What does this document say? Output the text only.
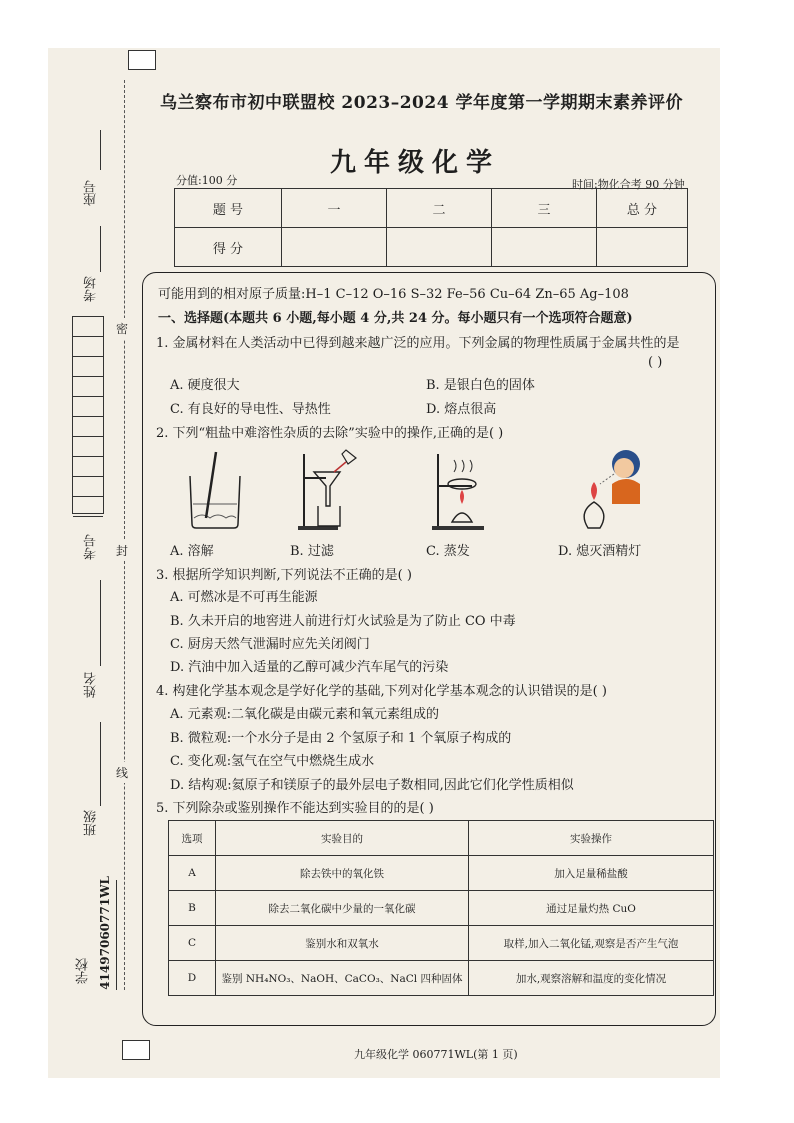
座号
考场
考号
姓名
班级
学校 41497060771WL
密
封
线
乌兰察布市初中联盟校 2023–2024 学年度第一学期期末素养评价
九年级化学
分值:100 分	时间:物化合考 90 分钟
题 号	一	二	三	总 分
得 分				
可能用到的相对原子质量:H–1 C–12 O–16 S–32 Fe–56 Cu–64 Zn–65 Ag–108
一、选择题(本题共 6 小题,每小题 4 分,共 24 分。每小题只有一个选项符合题意)
1. 金属材料在人类活动中已得到越来越广泛的应用。下列金属的物理性质属于金属共性的是
( )
A. 硬度很大	B. 是银白色的固体
C. 有良好的导电性、导热性	D. 熔点很高
2. 下列“粗盐中难溶性杂质的去除”实验中的操作,正确的是( )
A. 溶解	B. 过滤	C. 蒸发	D. 熄灭酒精灯
3. 根据所学知识判断,下列说法不正确的是( )
A. 可燃冰是不可再生能源
B. 久未开启的地窖进人前进行灯火试验是为了防止 CO 中毒
C. 厨房天然气泄漏时应先关闭阀门
D. 汽油中加入适量的乙醇可减少汽车尾气的污染
4. 构建化学基本观念是学好化学的基础,下列对化学基本观念的认识错误的是( )
A. 元素观:二氧化碳是由碳元素和氧元素组成的
B. 微粒观:一个水分子是由 2 个氢原子和 1 个氧原子构成的
C. 变化观:氢气在空气中燃烧生成水
D. 结构观:氦原子和镁原子的最外层电子数相同,因此它们化学性质相似
5. 下列除杂或鉴别操作不能达到实验目的的是( )
选项	实验目的	实验操作
A	除去铁中的氧化铁	加入足量稀盐酸
B	除去二氧化碳中少量的一氧化碳	通过足量灼热 CuO
C	鉴别水和双氧水	取样,加入二氧化锰,观察是否产生气泡
D	鉴别 NH₄NO₃、NaOH、CaCO₃、NaCl 四种固体	加水,观察溶解和温度的变化情况
九年级化学 060771WL(第 1 页)
